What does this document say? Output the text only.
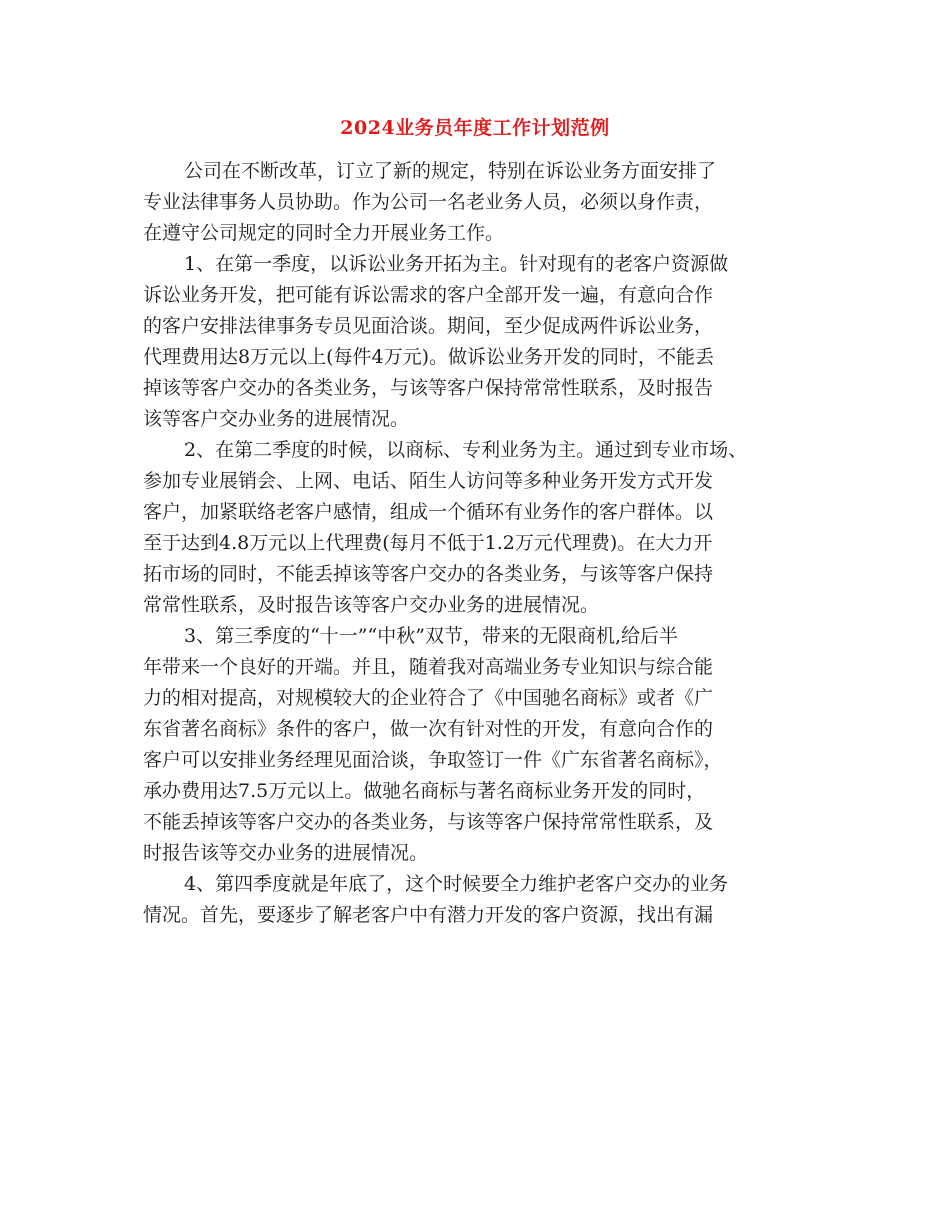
2024业务员年度工作计划范例
公司在不断改革，订立了新的规定，特别在诉讼业务方面安排了
专业法律事务人员协助。作为公司一名老业务人员，必须以身作责，
在遵守公司规定的同时全力开展业务工作。
1、在第一季度，以诉讼业务开拓为主。针对现有的老客户资源做
诉讼业务开发，把可能有诉讼需求的客户全部开发一遍，有意向合作
的客户安排法律事务专员见面洽谈。期间，至少促成两件诉讼业务，
代理费用达8万元以上(每件4万元)。做诉讼业务开发的同时，不能丢
掉该等客户交办的各类业务，与该等客户保持常常性联系，及时报告
该等客户交办业务的进展情况。
2、在第二季度的时候，以商标、专利业务为主。通过到专业市场、
参加专业展销会、上网、电话、陌生人访问等多种业务开发方式开发
客户，加紧联络老客户感情，组成一个循环有业务作的客户群体。以
至于达到4.8万元以上代理费(每月不低于1.2万元代理费)。在大力开
拓市场的同时，不能丢掉该等客户交办的各类业务，与该等客户保持
常常性联系，及时报告该等客户交办业务的进展情况。
3、第三季度的“十一”“中秋”双节，带来的无限商机,给后半
年带来一个良好的开端。并且，随着我对高端业务专业知识与综合能
力的相对提高，对规模较大的企业符合了《中国驰名商标》或者《广
东省著名商标》条件的客户，做一次有针对性的开发，有意向合作的
客户可以安排业务经理见面洽谈，争取签订一件《广东省著名商标》，
承办费用达7.5万元以上。做驰名商标与著名商标业务开发的同时，
不能丢掉该等客户交办的各类业务，与该等客户保持常常性联系，及
时报告该等交办业务的进展情况。
4、第四季度就是年底了，这个时候要全力维护老客户交办的业务
情况。首先，要逐步了解老客户中有潜力开发的客户资源，找出有漏
